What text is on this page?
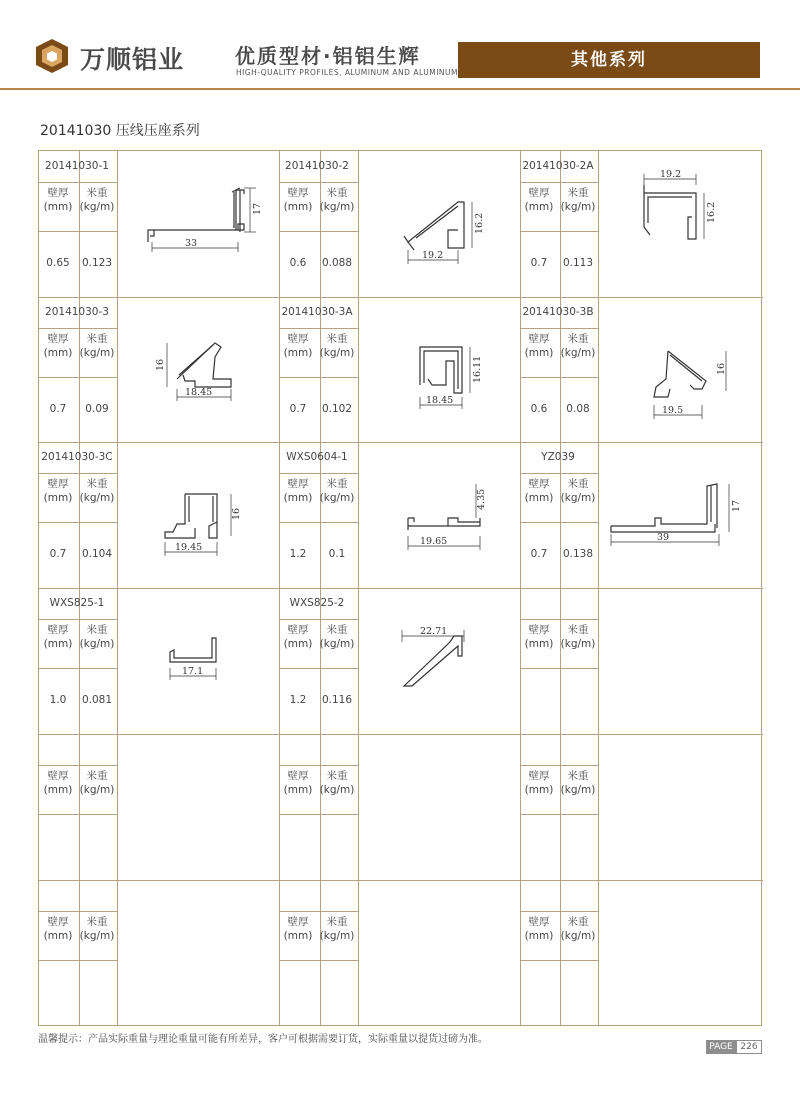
万顺铝业	优质型材·铝铝生辉
HIGH-QUALITY PROFILES, ALUMINUM AND ALUMINUM
其他系列
20141030 压线压座系列
20141030-1
壁厚
(mm)
米重
(kg/m)
0.65	0.123
20141030-2
壁厚
(mm)
米重
(kg/m)
0.6	0.088
20141030-2A
壁厚
(mm)
米重
(kg/m)
0.7	0.113
20141030-3
壁厚
(mm)
米重
(kg/m)
0.7	0.09
20141030-3A
壁厚
(mm)
米重
(kg/m)
0.7	0.102
20141030-3B
壁厚
(mm)
米重
(kg/m)
0.6	0.08
20141030-3C
壁厚
(mm)
米重
(kg/m)
0.7	0.104
WXS0604-1
壁厚
(mm)
米重
(kg/m)
1.2	0.1
YZ039
壁厚
(mm)
米重
(kg/m)
0.7	0.138
WXS825-1
壁厚
(mm)
米重
(kg/m)
1.0	0.081
WXS825-2
壁厚
(mm)
米重
(kg/m)
1.2	0.116
壁厚
(mm)
米重
(kg/m)
壁厚
(mm)
米重
(kg/m)
壁厚
(mm)
米重
(kg/m)
壁厚
(mm)
米重
(kg/m)
壁厚
(mm)
米重
(kg/m)
壁厚
(mm)
米重
(kg/m)
壁厚
(mm)
米重
(kg/m)
33
17
19.2
16.2
19.2
16.2
18.45
16
18.45
16.11
19.5
16
19.45
16
19.65
4.35
39
17
17.1
22.71
温馨提示：产品实际重量与理论重量可能有所差异，客户可根据需要订货，实际重量以提货过磅为准。
PAGE 226
